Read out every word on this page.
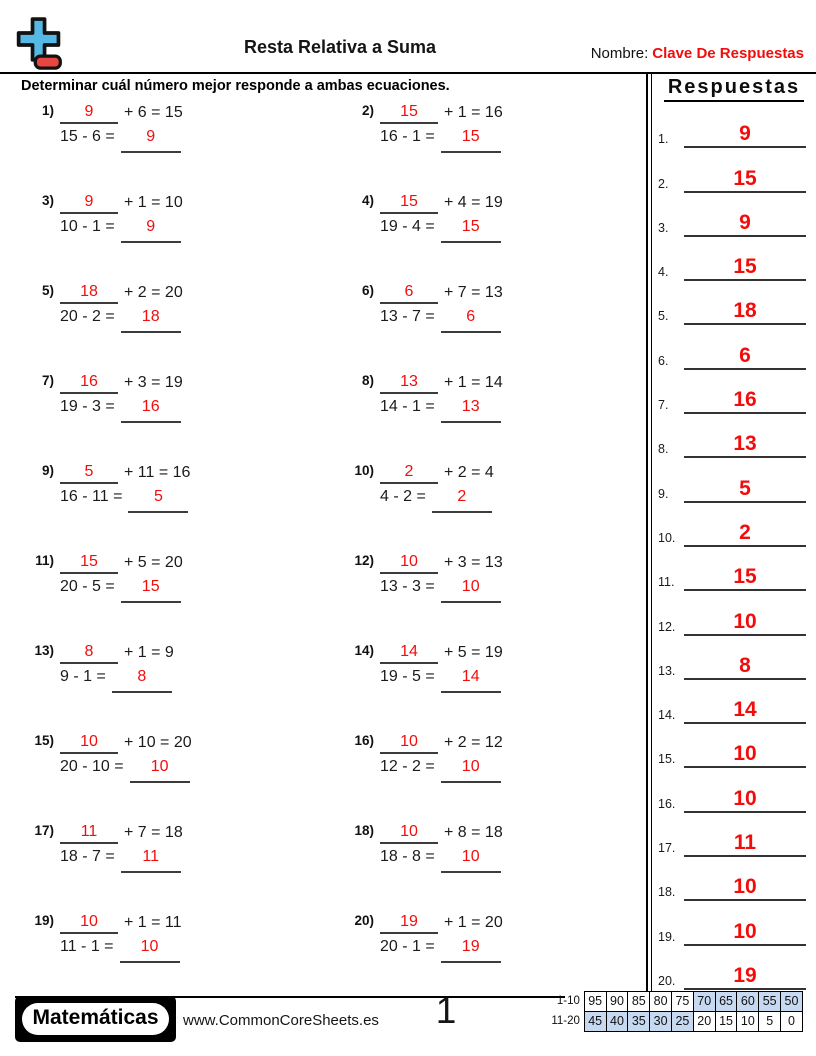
Resta Relativa a Suma	Nombre: Clave De Respuestas
Determinar cuál número mejor responde a ambas ecuaciones.
1)	9	+ 6 = 15
15 - 6 =	9
2)	15	+ 1 = 16
16 - 1 =	15
3)	9	+ 1 = 10
10 - 1 =	9
4)	15	+ 4 = 19
19 - 4 =	15
5)	18	+ 2 = 20
20 - 2 =	18
6)	6	+ 7 = 13
13 - 7 =	6
7)	16	+ 3 = 19
19 - 3 =	16
8)	13	+ 1 = 14
14 - 1 =	13
9)	5	+ 11 = 16
16 - 11 =	5
10)	2	+ 2 = 4
4 - 2 =	2
11)	15	+ 5 = 20
20 - 5 =	15
12)	10	+ 3 = 13
13 - 3 =	10
13)	8	+ 1 = 9
9 - 1 =	8
14)	14	+ 5 = 19
19 - 5 =	14
15)	10	+ 10 = 20
20 - 10 =	10
16)	10	+ 2 = 12
12 - 2 =	10
17)	11	+ 7 = 18
18 - 7 =	11
18)	10	+ 8 = 18
18 - 8 =	10
19)	10	+ 1 = 11
11 - 1 =	10
20)	19	+ 1 = 20
20 - 1 =	19
Respuestas
1.	9
2.	15
3.	9
4.	15
5.	18
6.	6
7.	16
8.	13
9.	5
10.	2
11.	15
12.	10
13.	8
14.	14
15.	10
16.	10
17.	11
18.	10
19.	10
20.	19
Matemáticas	www.CommonCoreSheets.es	1	1-10 95 90 85 80 75 70 65 60 55 50
11-20 45 40 35 30 25 20 15 10 5	0
